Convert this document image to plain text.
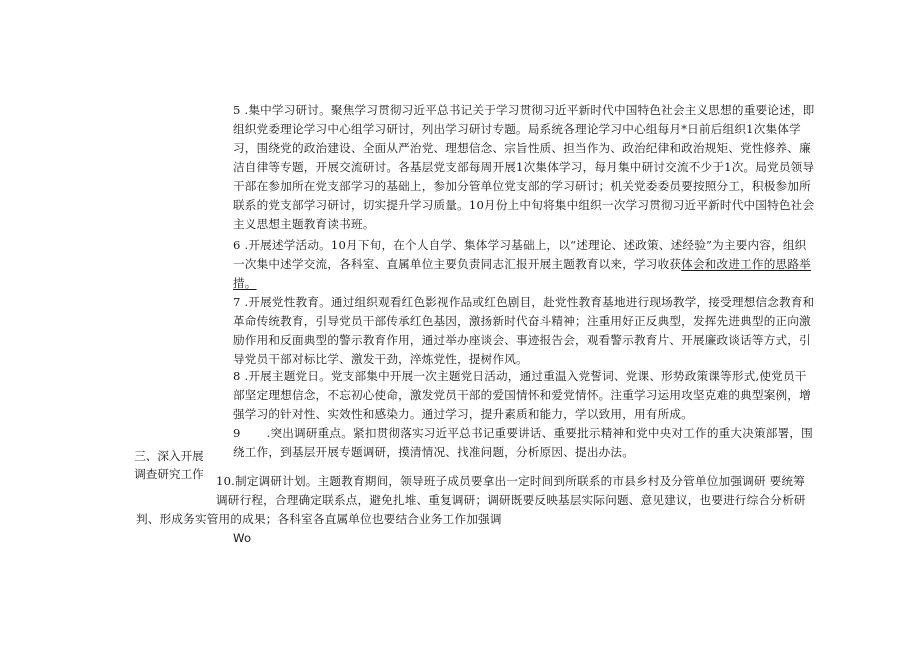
5 .集中学习研讨。聚焦学习贯彻习近平总书记关于学习贯彻习近平新时代中国特色社会主义思想的重要论述，即组织党委理论学习中心组学习研讨，列出学习研讨专题。局系统各理论学习中心组每月*日前后组织1次集体学习，围绕党的政治建设、全面从严治党、理想信念、宗旨性质、担当作为、政治纪律和政治规矩、党性修养、廉洁自律等专题，开展交流研讨。各基层党支部每周开展1次集体学习，每月集中研讨交流不少于1次。局党员领导干部在参加所在党支部学习的基础上，参加分管单位党支部的学习研讨；机关党委委员要按照分工，积极参加所联系的党支部学习研讨，切实提升学习质量。10月份上中旬将集中组织一次学习贯彻习近平新时代中国特色社会主义思想主题教育读书班。

6 .开展述学活动。10月下旬，在个人自学、集体学习基础上，以“述理论、述政策、述经验”为主要内容，组织一次集中述学交流，各科室、直属单位主要负责同志汇报开展主题教育以来，学习收获体会和改进工作的思路举措。

7 .开展党性教育。通过组织观看红色影视作品或红色剧目，赴党性教育基地进行现场教学，接受理想信念教育和革命传统教育，引导党员干部传承红色基因，激扬新时代奋斗精神；注重用好正反典型，发挥先进典型的正向激励作用和反面典型的警示教育作用，通过举办座谈会、事迹报告会，观看警示教育片、开展廉政谈话等方式，引导党员干部对标比学、激发干劲，淬炼党性，提树作风。

8 .开展主题党日。党支部集中开展一次主题党日活动，通过重温入党誓词、党课、形势政策课等形式,使党员干部坚定理想信念，不忘初心使命，激发党员干部的爱国情怀和爱党情怀。注重学习运用攻坚克难的典型案例，增强学习的针对性、实效性和感染力。通过学习，提升素质和能力，学以致用，用有所成。

9 .突出调研重点。紧扣贯彻落实习近平总书记重要讲话、重要批示精神和党中央对工作的重大决策部署，围绕工作，到基层开展专题调研，摸清情况、找准问题，分析原因、提出办法。

三、深入开展调查研究工作 10.制定调研计划。主题教育期间，领导班子成员要拿出一定时间到所联系的市县乡村及分管单位加强调研 要统筹调研行程，合理确定联系点，避免扎堆、重复调研；调研既要反映基层实际问题、意见建议，也要进行综合分析研

判、形成务实管用的成果；各科室各直属单位也要结合业务工作加强调

Wo
